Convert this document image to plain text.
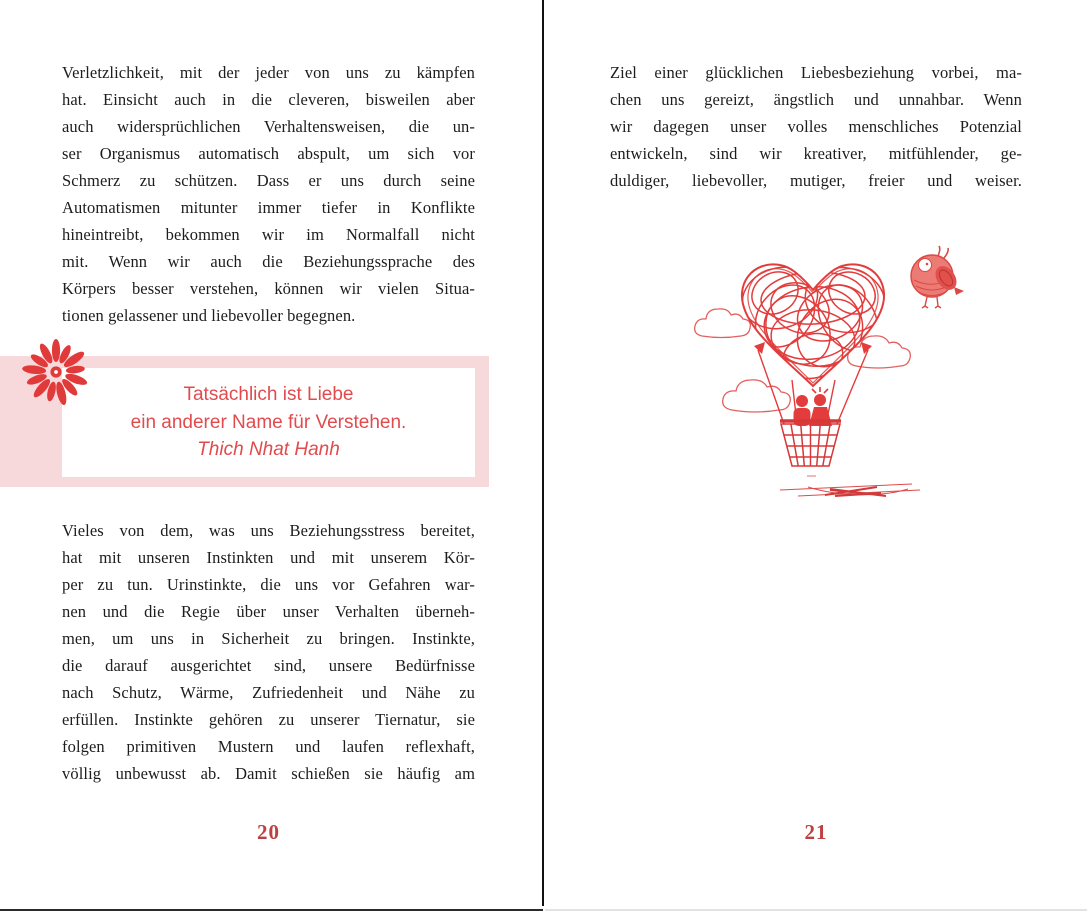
Verletzlichkeit, mit der jeder von uns zu kämpfen
hat. Einsicht auch in die cleveren, bisweilen aber
auch widersprüchlichen Verhaltensweisen, die un-
ser Organismus automatisch abspult, um sich vor
Schmerz zu schützen. Dass er uns durch seine
Automatismen mitunter immer tiefer in Konflikte
hineintreibt, bekommen wir im Normalfall nicht
mit. Wenn wir auch die Beziehungssprache des
Körpers besser verstehen, können wir vielen Situa-
tionen gelassener und liebevoller begegnen.
Tatsächlich ist Liebe
ein anderer Name für Verstehen.
Thich Nhat Hanh
Vieles von dem, was uns Beziehungsstress bereitet,
hat mit unseren Instinkten und mit unserem Kör-
per zu tun. Urinstinkte, die uns vor Gefahren war-
nen und die Regie über unser Verhalten überneh-
men, um uns in Sicherheit zu bringen. Instinkte,
die darauf ausgerichtet sind, unsere Bedürfnisse
nach Schutz, Wärme, Zufriedenheit und Nähe zu
erfüllen. Instinkte gehören zu unserer Tiernatur, sie
folgen primitiven Mustern und laufen reflexhaft,
völlig unbewusst ab. Damit schießen sie häufig am
20
Ziel einer glücklichen Liebesbeziehung vorbei, ma-
chen uns gereizt, ängstlich und unnahbar. Wenn
wir dagegen unser volles menschliches Potenzial
entwickeln, sind wir kreativer, mitfühlender, ge-
duldiger, liebevoller, mutiger, freier und weiser.
21
